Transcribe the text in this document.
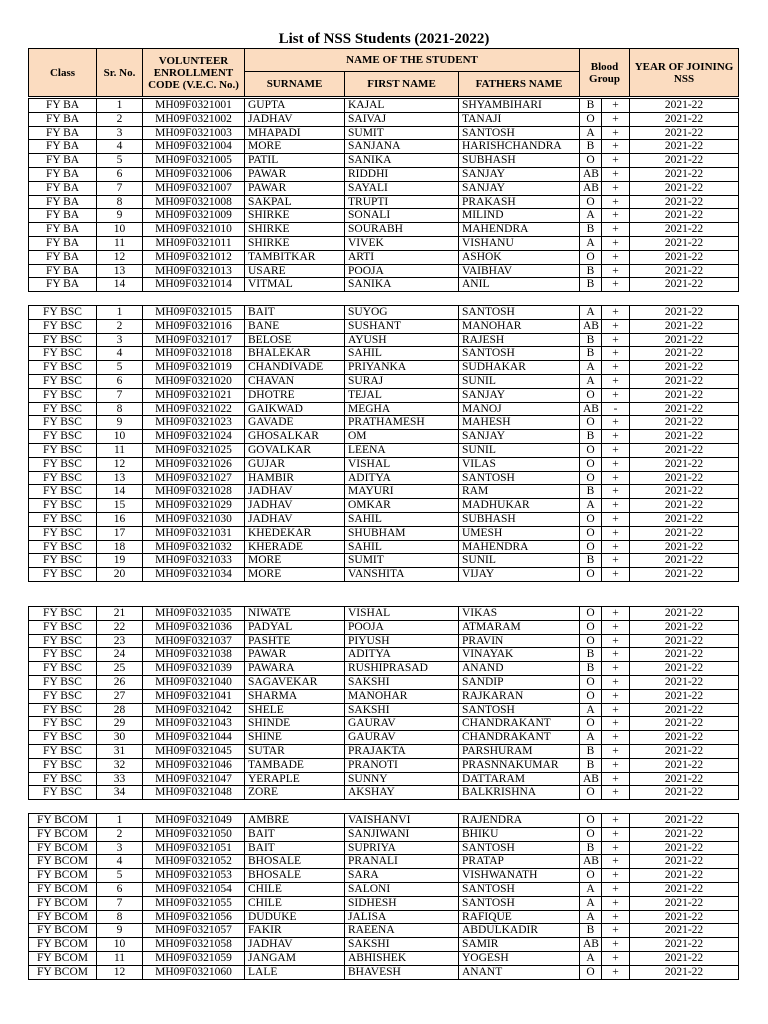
List of NSS Students (2021-2022)
Class	Sr. No.	VOLUNTEER ENROLLMENT CODE (V.E.C. No.)	NAME OF THE STUDENT			Blood Group	YEAR OF JOINING NSS
			SURNAME	FIRST NAME	FATHERS NAME		
FY BA	1	MH09F0321001	GUPTA	KAJAL	SHYAMBIHARI	B	+	2021-22
FY BA	2	MH09F0321002	JADHAV	SAIVAJ	TANAJI	O	+	2021-22
FY BA	3	MH09F0321003	MHAPADI	SUMIT	SANTOSH	A	+	2021-22
FY BA	4	MH09F0321004	MORE	SANJANA	HARISHCHANDRA	B	+	2021-22
FY BA	5	MH09F0321005	PATIL	SANIKA	SUBHASH	O	+	2021-22
FY BA	6	MH09F0321006	PAWAR	RIDDHI	SANJAY	AB	+	2021-22
FY BA	7	MH09F0321007	PAWAR	SAYALI	SANJAY	AB	+	2021-22
FY BA	8	MH09F0321008	SAKPAL	TRUPTI	PRAKASH	O	+	2021-22
FY BA	9	MH09F0321009	SHIRKE	SONALI	MILIND	A	+	2021-22
FY BA	10	MH09F0321010	SHIRKE	SOURABH	MAHENDRA	B	+	2021-22
FY BA	11	MH09F0321011	SHIRKE	VIVEK	VISHANU	A	+	2021-22
FY BA	12	MH09F0321012	TAMBITKAR	ARTI	ASHOK	O	+	2021-22
FY BA	13	MH09F0321013	USARE	POOJA	VAIBHAV	B	+	2021-22
FY BA	14	MH09F0321014	VITMAL	SANIKA	ANIL	B	+	2021-22
FY BSC	1	MH09F0321015	BAIT	SUYOG	SANTOSH	A	+	2021-22
FY BSC	2	MH09F0321016	BANE	SUSHANT	MANOHAR	AB	+	2021-22
FY BSC	3	MH09F0321017	BELOSE	AYUSH	RAJESH	B	+	2021-22
FY BSC	4	MH09F0321018	BHALEKAR	SAHIL	SANTOSH	B	+	2021-22
FY BSC	5	MH09F0321019	CHANDIVADE	PRIYANKA	SUDHAKAR	A	+	2021-22
FY BSC	6	MH09F0321020	CHAVAN	SURAJ	SUNIL	A	+	2021-22
FY BSC	7	MH09F0321021	DHOTRE	TEJAL	SANJAY	O	+	2021-22
FY BSC	8	MH09F0321022	GAIKWAD	MEGHA	MANOJ	AB	-	2021-22
FY BSC	9	MH09F0321023	GAVADE	PRATHAMESH	MAHESH	O	+	2021-22
FY BSC	10	MH09F0321024	GHOSALKAR	OM	SANJAY	B	+	2021-22
FY BSC	11	MH09F0321025	GOVALKAR	LEENA	SUNIL	O	+	2021-22
FY BSC	12	MH09F0321026	GUJAR	VISHAL	VILAS	O	+	2021-22
FY BSC	13	MH09F0321027	HAMBIR	ADITYA	SANTOSH	O	+	2021-22
FY BSC	14	MH09F0321028	JADHAV	MAYURI	RAM	B	+	2021-22
FY BSC	15	MH09F0321029	JADHAV	OMKAR	MADHUKAR	A	+	2021-22
FY BSC	16	MH09F0321030	JADHAV	SAHIL	SUBHASH	O	+	2021-22
FY BSC	17	MH09F0321031	KHEDEKAR	SHUBHAM	UMESH	O	+	2021-22
FY BSC	18	MH09F0321032	KHERADE	SAHIL	MAHENDRA	O	+	2021-22
FY BSC	19	MH09F0321033	MORE	SUMIT	SUNIL	B	+	2021-22
FY BSC	20	MH09F0321034	MORE	VANSHITA	VIJAY	O	+	2021-22
FY BSC	21	MH09F0321035	NIWATE	VISHAL	VIKAS	O	+	2021-22
FY BSC	22	MH09F0321036	PADYAL	POOJA	ATMARAM	O	+	2021-22
FY BSC	23	MH09F0321037	PASHTE	PIYUSH	PRAVIN	O	+	2021-22
FY BSC	24	MH09F0321038	PAWAR	ADITYA	VINAYAK	B	+	2021-22
FY BSC	25	MH09F0321039	PAWARA	RUSHIPRASAD	ANAND	B	+	2021-22
FY BSC	26	MH09F0321040	SAGAVEKAR	SAKSHI	SANDIP	O	+	2021-22
FY BSC	27	MH09F0321041	SHARMA	MANOHAR	RAJKARAN	O	+	2021-22
FY BSC	28	MH09F0321042	SHELE	SAKSHI	SANTOSH	A	+	2021-22
FY BSC	29	MH09F0321043	SHINDE	GAURAV	CHANDRAKANT	O	+	2021-22
FY BSC	30	MH09F0321044	SHINE	GAURAV	CHANDRAKANT	A	+	2021-22
FY BSC	31	MH09F0321045	SUTAR	PRAJAKTA	PARSHURAM	B	+	2021-22
FY BSC	32	MH09F0321046	TAMBADE	PRANOTI	PRASNNAKUMAR	B	+	2021-22
FY BSC	33	MH09F0321047	YERAPLE	SUNNY	DATTARAM	AB	+	2021-22
FY BSC	34	MH09F0321048	ZORE	AKSHAY	BALKRISHNA	O	+	2021-22
FY BCOM	1	MH09F0321049	AMBRE	VAISHANVI	RAJENDRA	O	+	2021-22
FY BCOM	2	MH09F0321050	BAIT	SANJIWANI	BHIKU	O	+	2021-22
FY BCOM	3	MH09F0321051	BAIT	SUPRIYA	SANTOSH	B	+	2021-22
FY BCOM	4	MH09F0321052	BHOSALE	PRANALI	PRATAP	AB	+	2021-22
FY BCOM	5	MH09F0321053	BHOSALE	SARA	VISHWANATH	O	+	2021-22
FY BCOM	6	MH09F0321054	CHILE	SALONI	SANTOSH	A	+	2021-22
FY BCOM	7	MH09F0321055	CHILE	SIDHESH	SANTOSH	A	+	2021-22
FY BCOM	8	MH09F0321056	DUDUKE	JALISA	RAFIQUE	A	+	2021-22
FY BCOM	9	MH09F0321057	FAKIR	RAEENA	ABDULKADIR	B	+	2021-22
FY BCOM	10	MH09F0321058	JADHAV	SAKSHI	SAMIR	AB	+	2021-22
FY BCOM	11	MH09F0321059	JANGAM	ABHISHEK	YOGESH	A	+	2021-22
FY BCOM	12	MH09F0321060	LALE	BHAVESH	ANANT	O	+	2021-22
